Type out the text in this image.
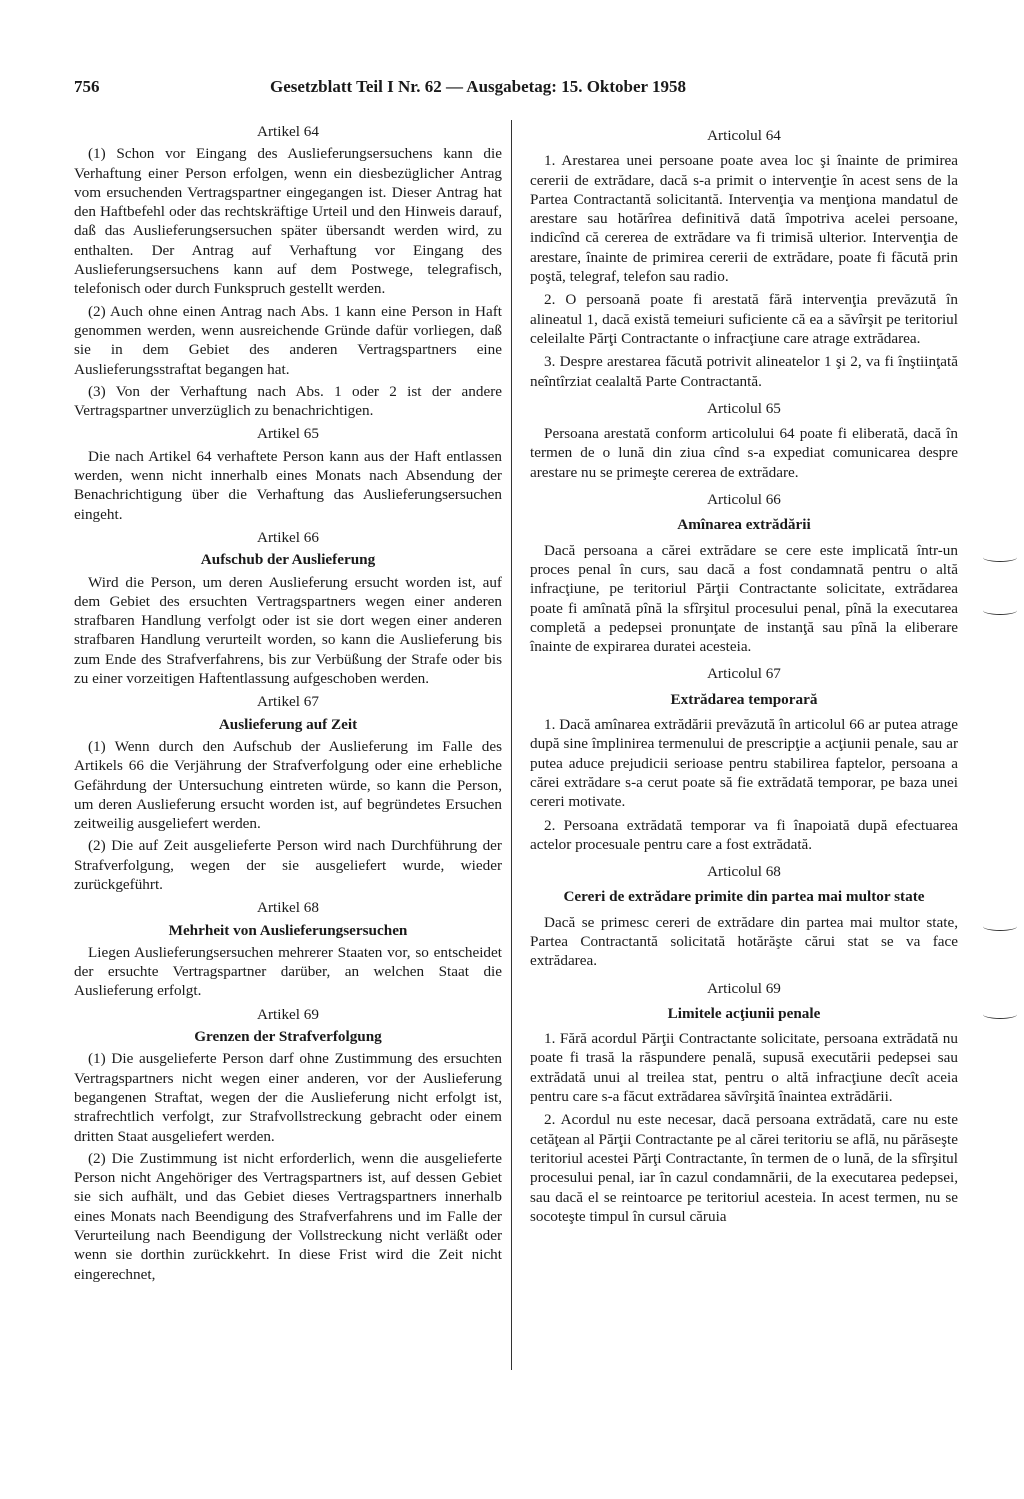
756	Gesetzblatt Teil I Nr. 62 — Ausgabetag: 15. Oktober 1958

Artikel 64

(1) Schon vor Eingang des Auslieferungsersuchens kann die Verhaftung einer Person erfolgen, wenn ein diesbezüglicher Antrag vom ersuchenden Vertragspartner eingegangen ist. Dieser Antrag hat den Haftbefehl oder das rechtskräftige Urteil und den Hinweis darauf, daß das Auslieferungsersuchen später übersandt werden wird, zu enthalten. Der Antrag auf Verhaftung vor Eingang des Auslieferungsersuchens kann auf dem Postwege, telegrafisch, telefonisch oder durch Funkspruch gestellt werden.

(2) Auch ohne einen Antrag nach Abs. 1 kann eine Person in Haft genommen werden, wenn ausreichende Gründe dafür vorliegen, daß sie in dem Gebiet des anderen Vertragspartners eine Auslieferungsstraftat begangen hat.

(3) Von der Verhaftung nach Abs. 1 oder 2 ist der andere Vertragspartner unverzüglich zu benachrichtigen.

Artikel 65

Die nach Artikel 64 verhaftete Person kann aus der Haft entlassen werden, wenn nicht innerhalb eines Monats nach Absendung der Benachrichtigung über die Verhaftung das Auslieferungsersuchen eingeht.

Artikel 66

Aufschub der Auslieferung

Wird die Person, um deren Auslieferung ersucht worden ist, auf dem Gebiet des ersuchten Vertragspartners wegen einer anderen strafbaren Handlung verfolgt oder ist sie dort wegen einer anderen strafbaren Handlung verurteilt worden, so kann die Auslieferung bis zum Ende des Strafverfahrens, bis zur Verbüßung der Strafe oder bis zu einer vorzeitigen Haftentlassung aufgeschoben werden.

Artikel 67

Auslieferung auf Zeit

(1) Wenn durch den Aufschub der Auslieferung im Falle des Artikels 66 die Verjährung der Strafverfolgung oder eine erhebliche Gefährdung der Untersuchung eintreten würde, so kann die Person, um deren Auslieferung ersucht worden ist, auf begründetes Ersuchen zeitweilig ausgeliefert werden.

(2) Die auf Zeit ausgelieferte Person wird nach Durchführung der Strafverfolgung, wegen der sie ausgeliefert wurde, wieder zurückgeführt.

Artikel 68

Mehrheit von Auslieferungsersuchen

Liegen Auslieferungsersuchen mehrerer Staaten vor, so entscheidet der ersuchte Vertragspartner darüber, an welchen Staat die Auslieferung erfolgt.

Artikel 69

Grenzen der Strafverfolgung

(1) Die ausgelieferte Person darf ohne Zustimmung des ersuchten Vertragspartners nicht wegen einer anderen, vor der Auslieferung begangenen Straftat, wegen der die Auslieferung nicht erfolgt ist, strafrechtlich verfolgt, zur Strafvollstreckung gebracht oder einem dritten Staat ausgeliefert werden.

(2) Die Zustimmung ist nicht erforderlich, wenn die ausgelieferte Person nicht Angehöriger des Vertragspartners ist, auf dessen Gebiet sie sich aufhält, und das Gebiet dieses Vertragspartners innerhalb eines Monats nach Beendigung des Strafverfahrens und im Falle der Verurteilung nach Beendigung der Vollstreckung nicht verläßt oder wenn sie dorthin zurückkehrt. In diese Frist wird die Zeit nicht eingerechnet,

Articolul 64

1. Arestarea unei persoane poate avea loc şi înainte de primirea cererii de extrădare, dacă s-a primit o intervenţie în acest sens de la Partea Contractantă solicitantă. Intervenţia va menţiona mandatul de arestare sau hotărîrea definitivă dată împotriva acelei persoane, indicînd că cererea de extrădare va fi trimisă ulterior. Intervenţia de arestare, înainte de primirea cererii de extrădare, poate fi făcută prin poştă, telegraf, telefon sau radio.

2. O persoană poate fi arestată fără intervenţia prevăzută în alineatul 1, dacă există temeiuri suficiente că ea a săvîrşit pe teritoriul celeilalte Părţi Contractante o infracţiune care atrage extrădarea.

3. Despre arestarea făcută potrivit alineatelor 1 şi 2, va fi înştiinţată neîntîrziat cealaltă Parte Contractantă.

Articolul 65

Persoana arestată conform articolului 64 poate fi eliberată, dacă în termen de o lună din ziua cînd s-a expediat comunicarea despre arestare nu se primeşte cererea de extrădare.

Articolul 66

Amînarea extrădării

Dacă persoana a cărei extrădare se cere este implicată într-un proces penal în curs, sau dacă a fost condamnată pentru o altă infracţiune, pe teritoriul Părţii Contractante solicitate, extrădarea poate fi amînată pînă la sfîrşitul procesului penal, pînă la executarea completă a pedepsei pronunţate de instanţă sau pînă la eliberare înainte de expirarea duratei acesteia.

Articolul 67

Extrădarea temporară

1. Dacă amînarea extrădării prevăzută în articolul 66 ar putea atrage după sine împlinirea termenului de prescripţie a acţiunii penale, sau ar putea aduce prejudicii serioase pentru stabilirea faptelor, persoana a cărei extrădare s-a cerut poate să fie extrădată temporar, pe baza unei cereri motivate.

2. Persoana extrădată temporar va fi înapoiată după efectuarea actelor procesuale pentru care a fost extrădată.

Articolul 68

Cereri de extrădare primite din partea mai multor state

Dacă se primesc cereri de extrădare din partea mai multor state, Partea Contractantă solicitată hotărăşte cărui stat se va face extrădarea.

Articolul 69

Limitele acţiunii penale

1. Fără acordul Părţii Contractante solicitate, persoana extrădată nu poate fi trasă la răspundere penală, supusă executării pedepsei sau extrădată unui al treilea stat, pentru o altă infracţiune decît aceia pentru care s-a făcut extrădarea săvîrşită înaintea extrădării.

2. Acordul nu este necesar, dacă persoana extrădată, care nu este cetăţean al Părţii Contractante pe al cărei teritoriu se află, nu părăseşte teritoriul acestei Părţi Contractante, în termen de o lună, de la sfîrşitul procesului penal, iar în cazul condamnării, de la executarea pedepsei, sau dacă el se reintoarce pe teritoriul acesteia. In acest termen, nu se socoteşte timpul în cursul căruia
